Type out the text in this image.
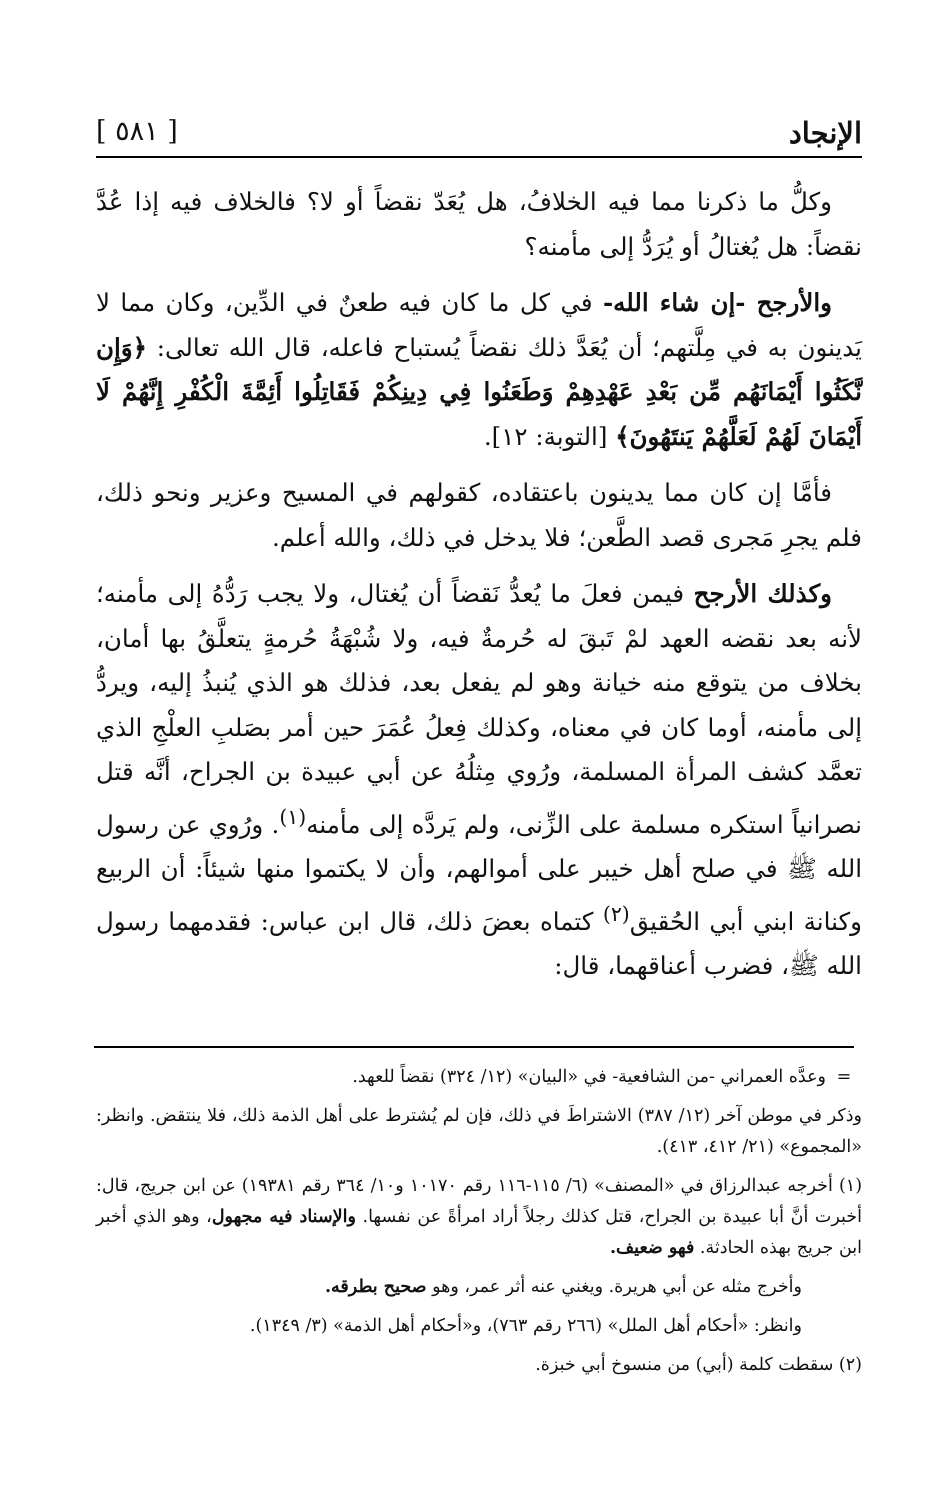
الإنجاد
[ ٥٨١ ]

وكلُّ ما ذكرنا مما فيه الخلافُ، هل يُعَدّ نقضاً أو لا؟ فالخلاف فيه إذا عُدَّ نقضاً: هل يُغتالُ أو يُرَدُّ إلى مأمنه؟

والأرجح -إن شاء الله- في كل ما كان فيه طعنٌ في الدِّين، وكان مما لا يَدينون به في مِلَّتهم؛ أن يُعَدَّ ذلك نقضاً يُستباح فاعله، قال الله تعالى: ﴿وَإِن نَّكَثُوا أَيْمَانَهُم مِّن بَعْدِ عَهْدِهِمْ وَطَعَنُوا فِي دِينِكُمْ فَقَاتِلُوا أَئِمَّةَ الْكُفْرِ إِنَّهُمْ لَا أَيْمَانَ لَهُمْ لَعَلَّهُمْ يَنتَهُونَ﴾ [التوبة: ١٢].

فأمَّا إن كان مما يدينون باعتقاده، كقولهم في المسيح وعزير ونحو ذلك، فلم يجرِ مَجرى قصد الطَّعن؛ فلا يدخل في ذلك، والله أعلم.

وكذلك الأرجح فيمن فعلَ ما يُعدُّ نَقضاً أن يُغتال، ولا يجب رَدُّهُ إلى مأمنه؛ لأنه بعد نقضه العهد لمْ تَبقَ له حُرمةٌ فيه، ولا شُبْهَةُ حُرمةٍ يتعلَّقُ بها أمان، بخلاف من يتوقع منه خيانة وهو لم يفعل بعد، فذلك هو الذي يُنبذُ إليه، ويردُّ إلى مأمنه، أوما كان في معناه، وكذلك فِعلُ عُمَرَ حين أمر بصَلبِ العلْجِ الذي تعمَّد كشف المرأة المسلمة، ورُوي مِثلُهُ عن أبي عبيدة بن الجراح، أنَّه قتل نصرانياً استكره مسلمة على الزِّنى، ولم يَردَّه إلى مأمنه$^{(١)}$. ورُوي عن رسول الله ﷺ في صلح أهل خيبر على أموالهم، وأن لا يكتموا منها شيئاً: أن الربيع وكنانة ابني أبي الحُقيق$^{(٢)}$ كتماه بعضَ ذلك، قال ابن عباس: فقدمهما رسول الله ﷺ، فضرب أعناقهما، قال:

=وعدَّه العمراني -من الشافعية- في «البيان» (١٢/ ٣٢٤) نقضاً للعهد.

وذكر في موطن آخر (١٢/ ٣٨٧) الاشتراطَ في ذلك، فإن لم يُشترط على أهل الذمة ذلك، فلا ينتقض. وانظر: «المجموع» (٢١/ ٤١٢، ٤١٣).

(١) أخرجه عبدالرزاق في «المصنف» (٦/ ١١٥-١١٦ رقم ١٠١٧٠ و١٠/ ٣٦٤ رقم ١٩٣٨١) عن ابن جريج، قال: أخبرت أنَّ أبا عبيدة بن الجراح، قتل كذلك رجلاً أراد امرأةً عن نفسها. والإسناد فيه مجهول، وهو الذي أخبر ابن جريج بهذه الحادثة. فهو ضعيف.

وأخرج مثله عن أبي هريرة. ويغني عنه أثر عمر، وهو صحيح بطرقه.

وانظر: «أحكام أهل الملل» (٢٦٦ رقم ٧٦٣)، و«أحكام أهل الذمة» (٣/ ١٣٤٩).

(٢) سقطت كلمة (أبي) من منسوخ أبي خبزة.
